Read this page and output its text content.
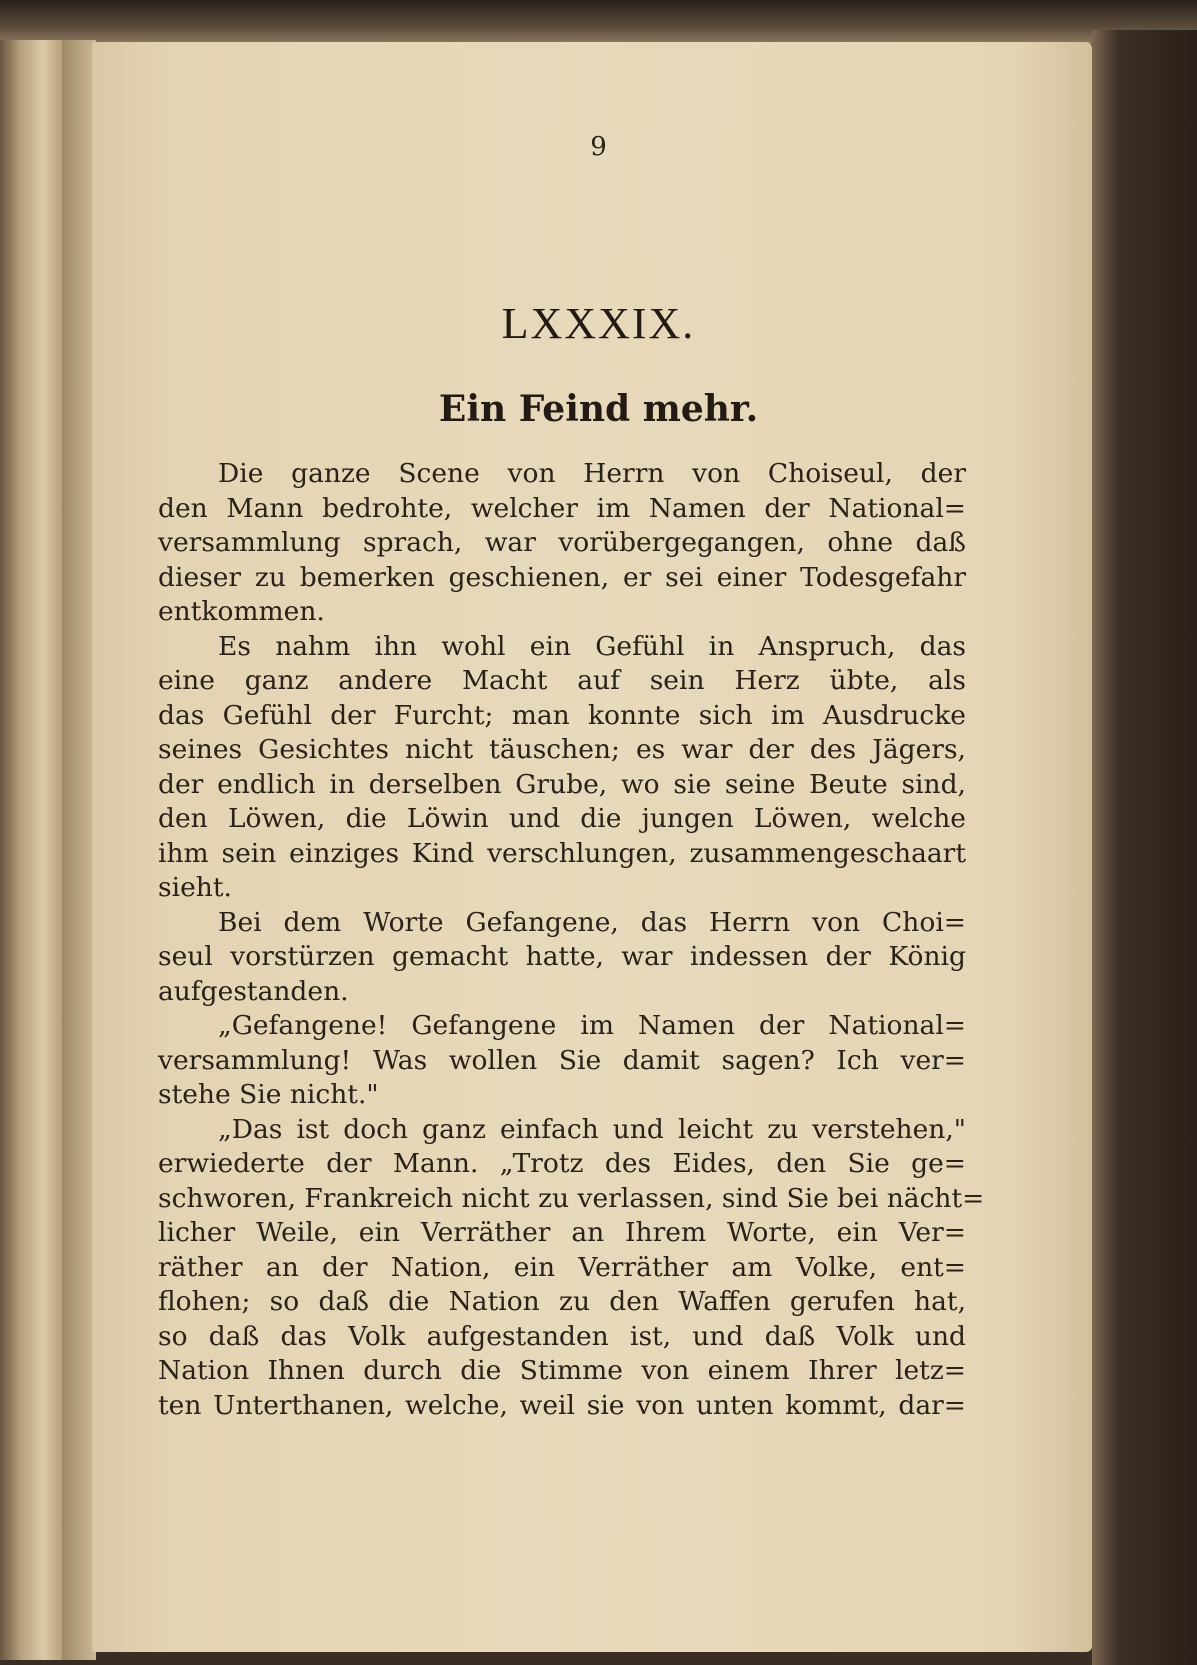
9
LXXXIX.
Ein Feind mehr.
Die ganze Scene von Herrn von Choiseul, der
den Mann bedrohte, welcher im Namen der National=
versammlung sprach, war vorübergegangen, ohne daß
dieser zu bemerken geschienen, er sei einer Todesgefahr
entkommen.
Es nahm ihn wohl ein Gefühl in Anspruch, das
eine ganz andere Macht auf sein Herz übte, als
das Gefühl der Furcht; man konnte sich im Ausdrucke
seines Gesichtes nicht täuschen; es war der des Jägers,
der endlich in derselben Grube, wo sie seine Beute sind,
den Löwen, die Löwin und die jungen Löwen, welche
ihm sein einziges Kind verschlungen, zusammengeschaart
sieht.
Bei dem Worte Gefangene, das Herrn von Choi=
seul vorstürzen gemacht hatte, war indessen der König
aufgestanden.
„Gefangene! Gefangene im Namen der National=
versammlung! Was wollen Sie damit sagen? Ich ver=
stehe Sie nicht."
„Das ist doch ganz einfach und leicht zu verstehen,"
erwiederte der Mann. „Trotz des Eides, den Sie ge=
schworen, Frankreich nicht zu verlassen, sind Sie bei nächt=
licher Weile, ein Verräther an Ihrem Worte, ein Ver=
räther an der Nation, ein Verräther am Volke, ent=
flohen; so daß die Nation zu den Waffen gerufen hat,
so daß das Volk aufgestanden ist, und daß Volk und
Nation Ihnen durch die Stimme von einem Ihrer letz=
ten Unterthanen, welche, weil sie von unten kommt, dar=
